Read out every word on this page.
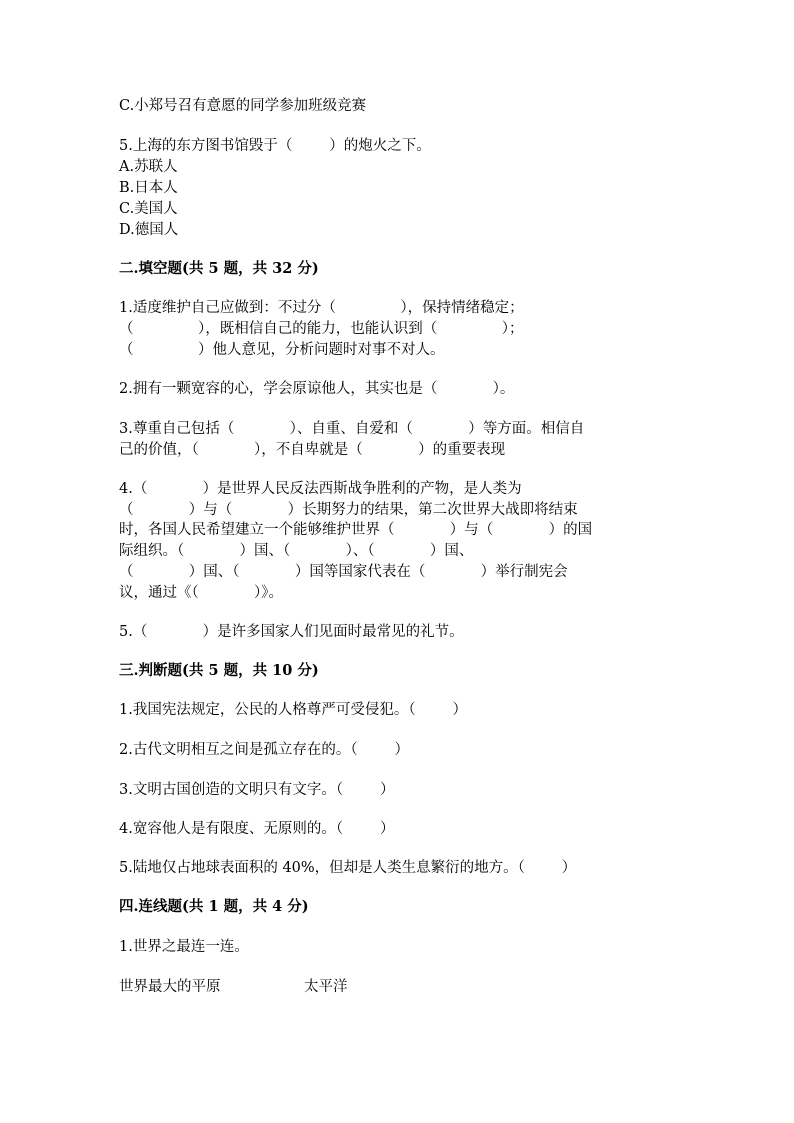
C.小郑号召有意愿的同学参加班级竞赛

5.上海的东方图书馆毁于（        ）的炮火之下。

A.苏联人

B.日本人

C.美国人

D.德国人

二.填空题(共 5 题，共 32 分)

1.适度维护自己应做到：不过分（              ），保持情绪稳定；

（              ），既相信自己的能力，也能认识到（              ）；

（              ）他人意见，分析问题时对事不对人。

2.拥有一颗宽容的心，学会原谅他人，其实也是（            ）。

3.尊重自己包括（            ）、自重、自爱和（            ）等方面。相信自

己的价值，（            ），不自卑就是（            ）的重要表现

4.（            ）是世界人民反法西斯战争胜利的产物，是人类为

（            ）与（            ）长期努力的结果，第二次世界大战即将结束

时，各国人民希望建立一个能够维护世界（            ）与（            ）的国

际组织。（            ）国、（            ）、（            ）国、

（            ）国、（            ）国等国家代表在（            ）举行制宪会

议，通过《（            ）》。

5.（            ）是许多国家人们见面时最常见的礼节。

三.判断题(共 5 题，共 10 分)

1.我国宪法规定，公民的人格尊严可受侵犯。（        ）

2.古代文明相互之间是孤立存在的。（        ）

3.文明古国创造的文明只有文字。（        ）

4.宽容他人是有限度、无原则的。（        ）

5.陆地仅占地球表面积的 40%，但却是人类生息繁衍的地方。（        ）

四.连线题(共 1 题，共 4 分)

1.世界之最连一连。

世界最大的平原	太平洋
